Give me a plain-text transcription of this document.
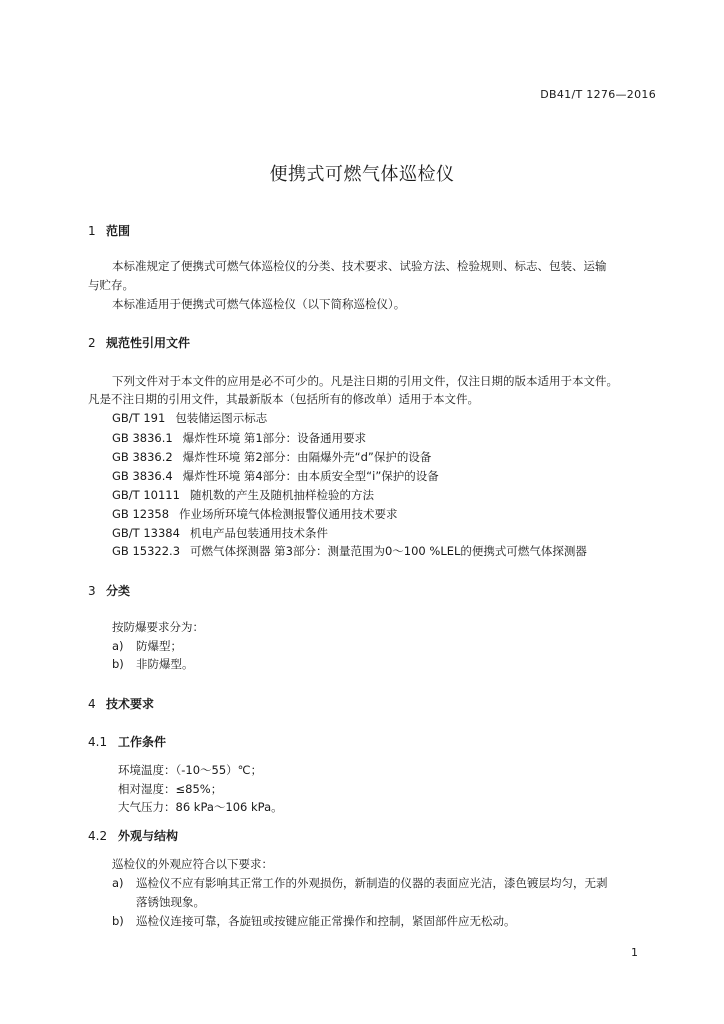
DB41/T 1276—2016
便携式可燃气体巡检仪
1 范围
本标准规定了便携式可燃气体巡检仪的分类、技术要求、试验方法、检验规则、标志、包装、运输
与贮存。
本标准适用于便携式可燃气体巡检仪（以下简称巡检仪）。
2 规范性引用文件
下列文件对于本文件的应用是必不可少的。凡是注日期的引用文件，仅注日期的版本适用于本文件。
凡是不注日期的引用文件，其最新版本（包括所有的修改单）适用于本文件。
GB/T 191 包装储运图示标志
GB 3836.1 爆炸性环境 第1部分：设备通用要求
GB 3836.2 爆炸性环境 第2部分：由隔爆外壳“d”保护的设备
GB 3836.4 爆炸性环境 第4部分：由本质安全型“i”保护的设备
GB/T 10111 随机数的产生及随机抽样检验的方法
GB 12358 作业场所环境气体检测报警仪通用技术要求
GB/T 13384 机电产品包装通用技术条件
GB 15322.3 可燃气体探测器 第3部分：测量范围为0～100 %LEL的便携式可燃气体探测器
3 分类
按防爆要求分为：
a) 防爆型；
b) 非防爆型。
4 技术要求
4.1 工作条件
环境温度：（-10～55）℃；
相对湿度：≤85%；
大气压力：86 kPa～106 kPa。
4.2 外观与结构
巡检仪的外观应符合以下要求：
a) 巡检仪不应有影响其正常工作的外观损伤，新制造的仪器的表面应光洁，漆色镀层均匀，无剥
落锈蚀现象。
b) 巡检仪连接可靠，各旋钮或按键应能正常操作和控制，紧固部件应无松动。
1
